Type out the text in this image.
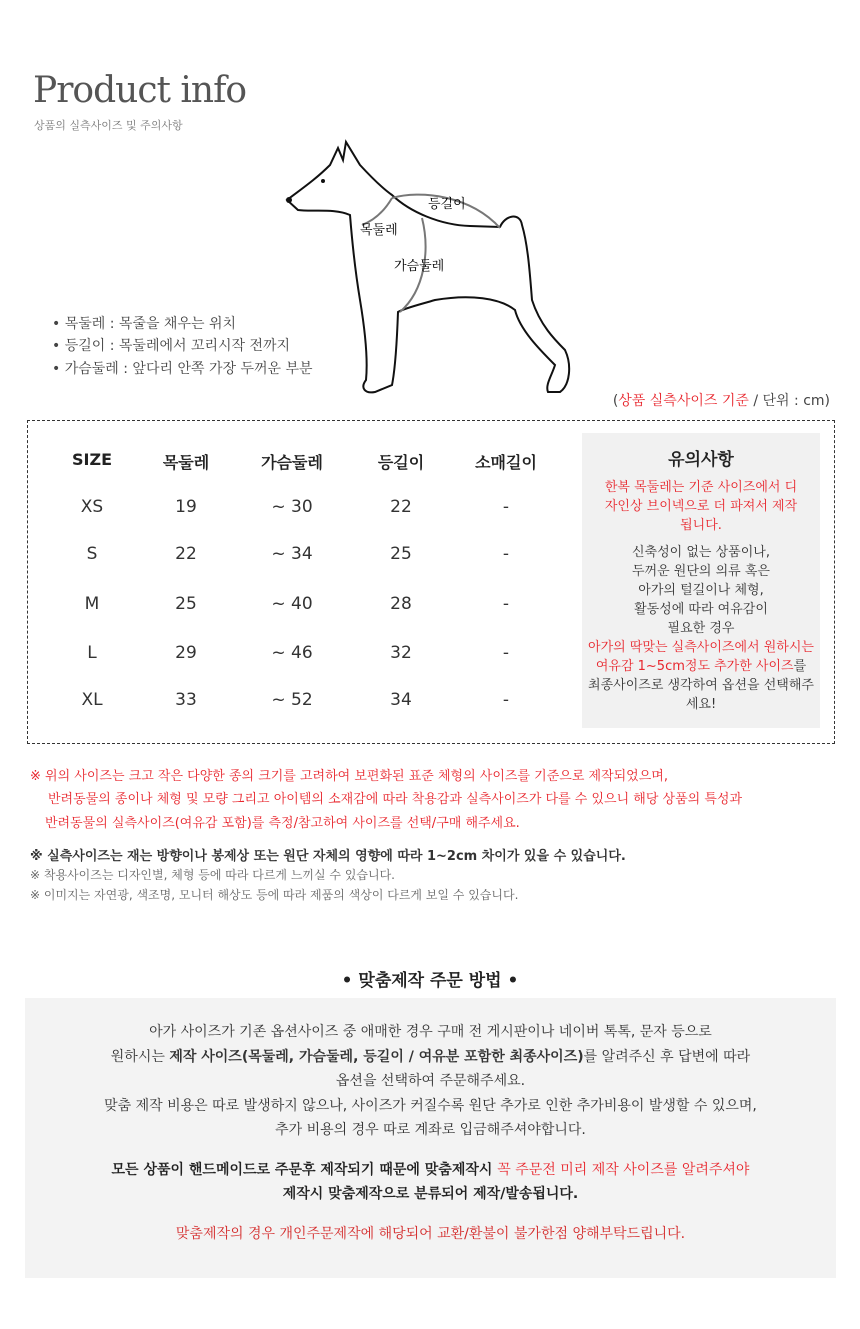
Product info
상품의 실측사이즈 및 주의사항
등길이
목둘레
가슴둘레
• 목둘레 : 목줄을 채우는 위치
• 등길이 : 목둘레에서 꼬리시작 전까지
• 가슴둘레 : 앞다리 안쪽 가장 두꺼운 부분
(상품 실측사이즈 기준 / 단위 : cm)
SIZE	목둘레	가슴둘레	등길이	소매길이
XS	19	~ 30	22	-
S	22	~ 34	25	-
M	25	~ 40	28	-
L	29	~ 46	32	-
XL	33	~ 52	34	-
유의사항

한복 목둘레는 기준 사이즈에서 디자인상 브이넥으로 더 파져서 제작됩니다.

신축성이 없는 상품이나, 두꺼운 원단의 의류 혹은 아가의 털길이나 체형, 활동성에 따라 여유감이 필요한 경우

아가의 딱맞는 실측사이즈에서 원하시는 여유감 1~5cm정도 추가한 사이즈를 최종사이즈로 생각하여 옵션을 선택해주세요!

※ 위의 사이즈는 크고 작은 다양한 종의 크기를 고려하여 보편화된 표준 체형의 사이즈를 기준으로 제작되었으며,
반려동물의 종이나 체형 및 모량 그리고 아이템의 소재감에 따라 착용감과 실측사이즈가 다를 수 있으니 해당 상품의 특성과
반려동물의 실측사이즈(여유감 포함)를 측정/참고하여 사이즈를 선택/구매 해주세요.
※ 실측사이즈는 재는 방향이나 봉제상 또는 원단 자체의 영향에 따라 1~2cm 차이가 있을 수 있습니다.
※ 착용사이즈는 디자인별, 체형 등에 따라 다르게 느끼실 수 있습니다.
※ 이미지는 자연광, 색조명, 모니터 해상도 등에 따라 제품의 색상이 다르게 보일 수 있습니다.
• 맞춤제작 주문 방법 •

아가 사이즈가 기존 옵션사이즈 중 애매한 경우 구매 전 게시판이나 네이버 톡톡, 문자 등으로

원하시는 제작 사이즈(목둘레, 가슴둘레, 등길이 / 여유분 포함한 최종사이즈)를 알려주신 후 답변에 따라

옵션을 선택하여 주문해주세요.

맞춤 제작 비용은 따로 발생하지 않으나, 사이즈가 커질수록 원단 추가로 인한 추가비용이 발생할 수 있으며,

추가 비용의 경우 따로 계좌로 입금해주셔야합니다.

모든 상품이 핸드메이드로 주문후 제작되기 때문에 맞춤제작시 꼭 주문전 미리 제작 사이즈를 알려주셔야

제작시 맞춤제작으로 분류되어 제작/발송됩니다.

맞춤제작의 경우 개인주문제작에 해당되어 교환/환불이 불가한점 양해부탁드립니다.
